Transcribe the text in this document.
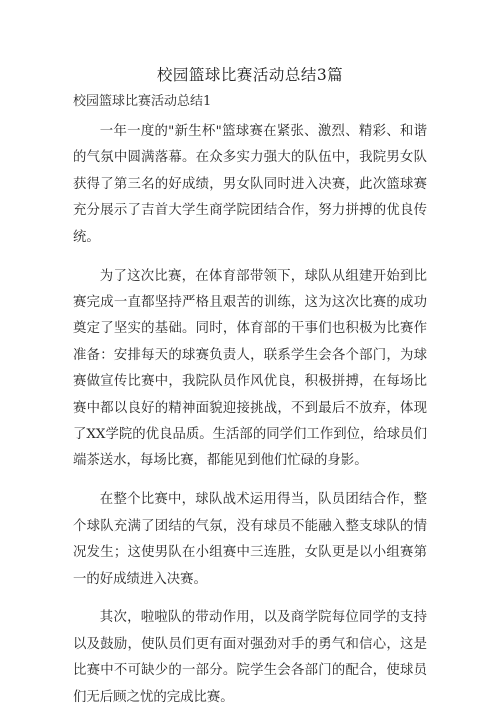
校园篮球比赛活动总结3篇
校园篮球比赛活动总结1

一年一度的"新生杯"篮球赛在紧张、激烈、精彩、和谐的气氛中圆满落幕。在众多实力强大的队伍中，我院男女队获得了第三名的好成绩，男女队同时进入决赛，此次篮球赛充分展示了吉首大学生商学院团结合作，努力拼搏的优良传统。

为了这次比赛，在体育部带领下，球队从组建开始到比赛完成一直都坚持严格且艰苦的训练，这为这次比赛的成功奠定了坚实的基础。同时，体育部的干事们也积极为比赛作准备：安排每天的球赛负责人，联系学生会各个部门，为球赛做宣传比赛中，我院队员作风优良，积极拼搏，在每场比赛中都以良好的精神面貌迎接挑战，不到最后不放弃，体现了XX学院的优良品质。生活部的同学们工作到位，给球员们端茶送水，每场比赛，都能见到他们忙碌的身影。

在整个比赛中，球队战术运用得当，队员团结合作，整个球队充满了团结的气氛，没有球员不能融入整支球队的情况发生；这使男队在小组赛中三连胜，女队更是以小组赛第一的好成绩进入决赛。

其次，啦啦队的带动作用，以及商学院每位同学的支持以及鼓励，使队员们更有面对强劲对手的勇气和信心，这是比赛中不可缺少的一部分。院学生会各部门的配合，使球员们无后顾之忧的完成比赛。
